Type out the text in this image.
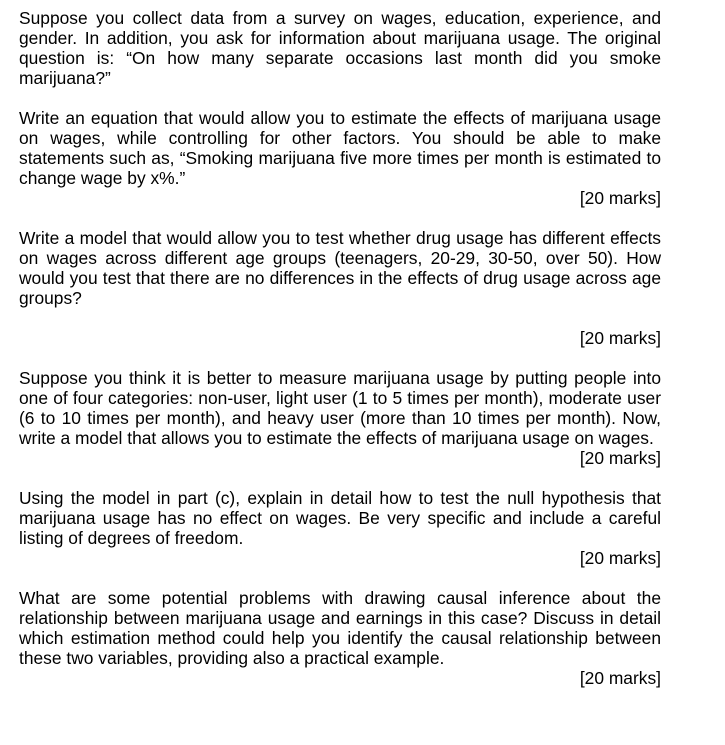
Suppose you collect data from a survey on wages, education, experience, and gender. In addition, you ask for information about marijuana usage. The original question is: “On how many separate occasions last month did you smoke marijuana?”

Write an equation that would allow you to estimate the effects of marijuana usage on wages, while controlling for other factors. You should be able to make statements such as, “Smoking marijuana five more times per month is estimated to change wage by x%.”

[20 marks]

Write a model that would allow you to test whether drug usage has different effects on wages across different age groups (teenagers, 20-29, 30-50, over 50). How would you test that there are no differences in the effects of drug usage across age groups?

[20 marks]

Suppose you think it is better to measure marijuana usage by putting people into one of four categories: non-user, light user (1 to 5 times per month), moderate user (6 to 10 times per month), and heavy user (more than 10 times per month). Now, write a model that allows you to estimate the effects of marijuana usage on wages.

[20 marks]

Using the model in part (c), explain in detail how to test the null hypothesis that marijuana usage has no effect on wages. Be very specific and include a careful listing of degrees of freedom.

[20 marks]

What are some potential problems with drawing causal inference about the relationship between marijuana usage and earnings in this case? Discuss in detail which estimation method could help you identify the causal relationship between these two variables, providing also a practical example.

[20 marks]
